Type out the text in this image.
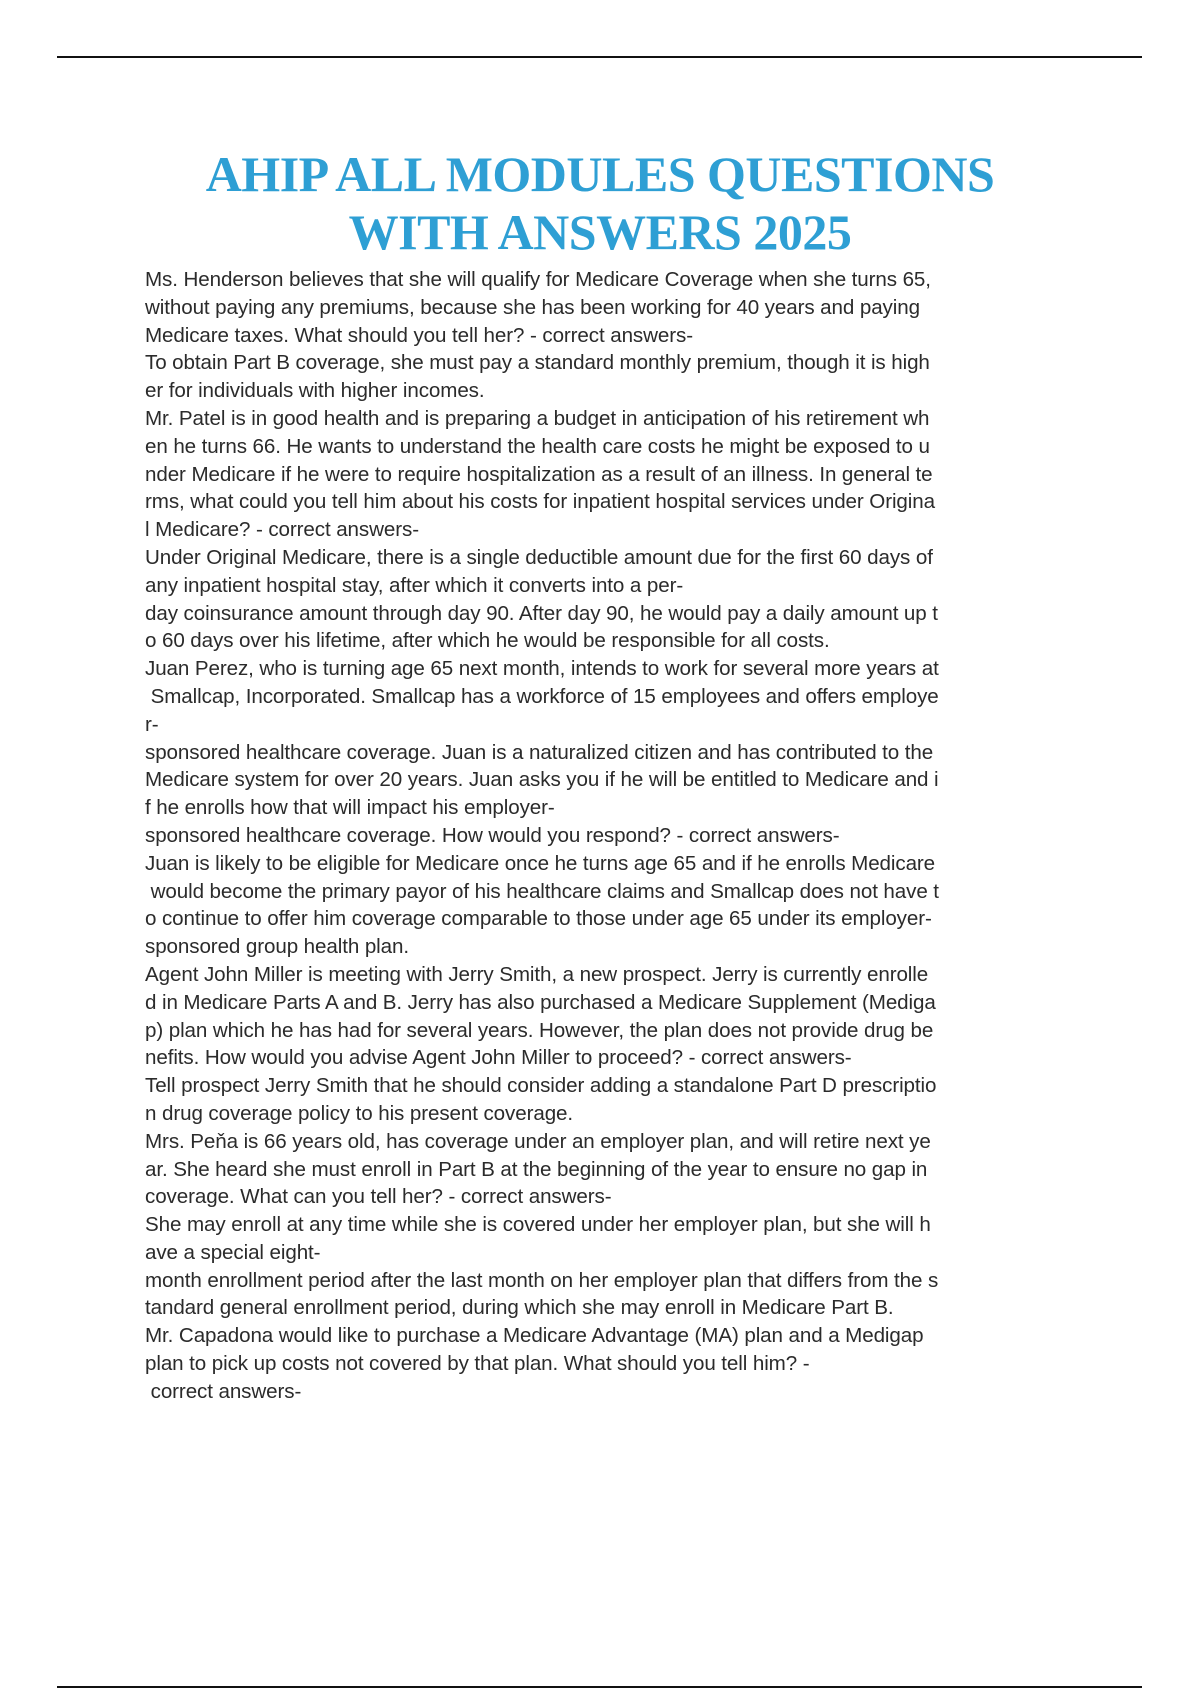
AHIP ALL MODULES QUESTIONS
WITH ANSWERS 2025
Ms. Henderson believes that she will qualify for Medicare Coverage when she turns 65,
without paying any premiums, because she has been working for 40 years and paying
Medicare taxes. What should you tell her? - correct answers-
To obtain Part B coverage, she must pay a standard monthly premium, though it is high
er for individuals with higher incomes.
Mr. Patel is in good health and is preparing a budget in anticipation of his retirement wh
en he turns 66. He wants to understand the health care costs he might be exposed to u
nder Medicare if he were to require hospitalization as a result of an illness. In general te
rms, what could you tell him about his costs for inpatient hospital services under Origina
l Medicare? - correct answers-
Under Original Medicare, there is a single deductible amount due for the first 60 days of
any inpatient hospital stay, after which it converts into a per-
day coinsurance amount through day 90. After day 90, he would pay a daily amount up t
o 60 days over his lifetime, after which he would be responsible for all costs.
Juan Perez, who is turning age 65 next month, intends to work for several more years at
Smallcap, Incorporated. Smallcap has a workforce of 15 employees and offers employe
r-
sponsored healthcare coverage. Juan is a naturalized citizen and has contributed to the
Medicare system for over 20 years. Juan asks you if he will be entitled to Medicare and i
f he enrolls how that will impact his employer-
sponsored healthcare coverage. How would you respond? - correct answers-
Juan is likely to be eligible for Medicare once he turns age 65 and if he enrolls Medicare
would become the primary payor of his healthcare claims and Smallcap does not have t
o continue to offer him coverage comparable to those under age 65 under its employer-
sponsored group health plan.
Agent John Miller is meeting with Jerry Smith, a new prospect. Jerry is currently enrolle
d in Medicare Parts A and B. Jerry has also purchased a Medicare Supplement (Mediga
p) plan which he has had for several years. However, the plan does not provide drug be
nefits. How would you advise Agent John Miller to proceed? - correct answers-
Tell prospect Jerry Smith that he should consider adding a standalone Part D prescriptio
n drug coverage policy to his present coverage.
Mrs. Peňa is 66 years old, has coverage under an employer plan, and will retire next ye
ar. She heard she must enroll in Part B at the beginning of the year to ensure no gap in
coverage. What can you tell her? - correct answers-
She may enroll at any time while she is covered under her employer plan, but she will h
ave a special eight-
month enrollment period after the last month on her employer plan that differs from the s
tandard general enrollment period, during which she may enroll in Medicare Part B.
Mr. Capadona would like to purchase a Medicare Advantage (MA) plan and a Medigap
plan to pick up costs not covered by that plan. What should you tell him? -
correct answers-
